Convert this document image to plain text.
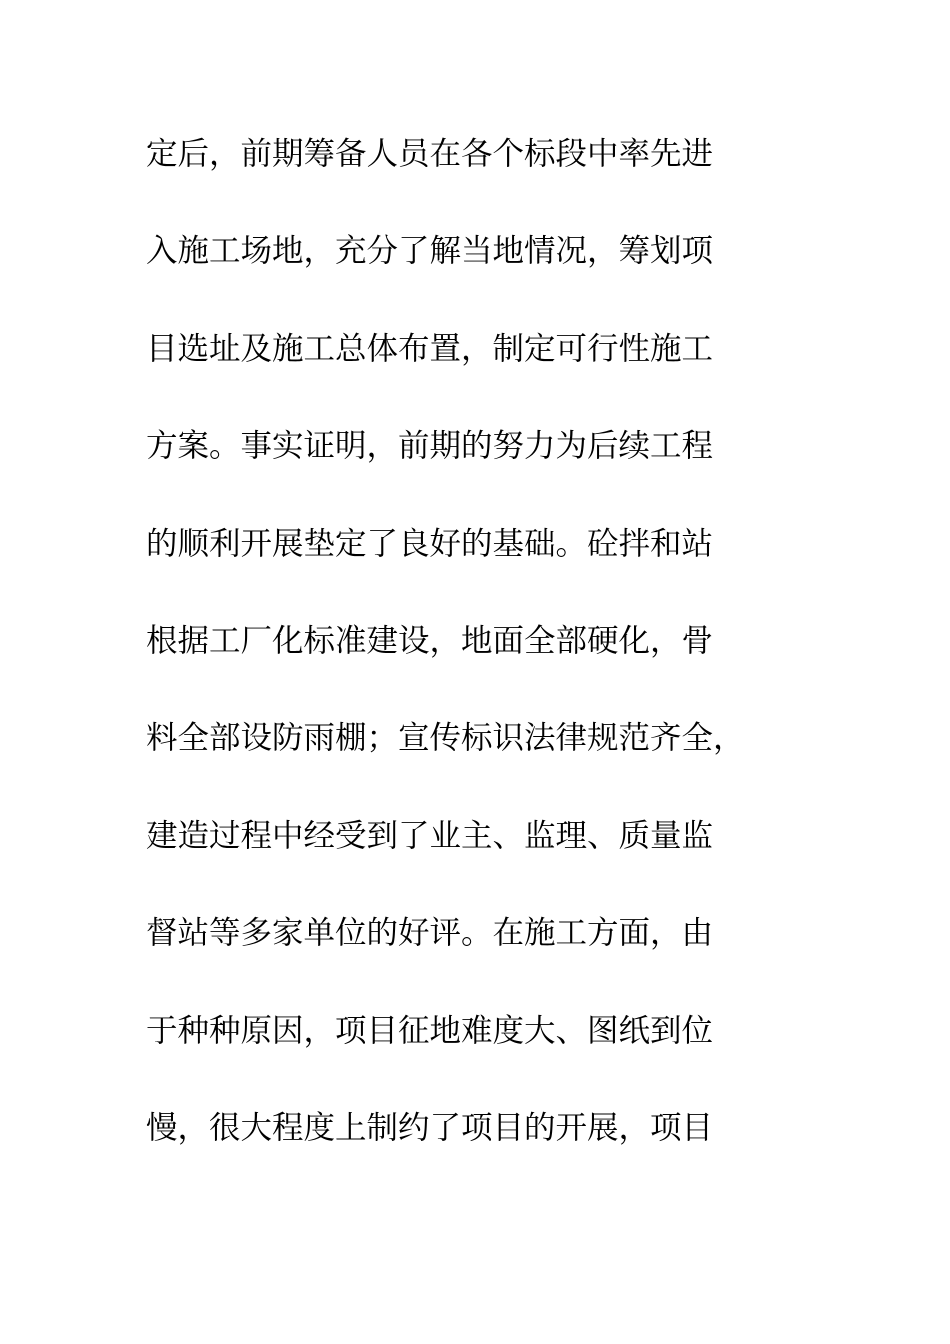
定后，前期筹备人员在各个标段中率先进
入施工场地，充分了解当地情况，筹划项
目选址及施工总体布置，制定可行性施工
方案。事实证明，前期的努力为后续工程
的顺利开展垫定了良好的基础。砼拌和站
根据工厂化标准建设，地面全部硬化，骨
料全部设防雨棚；宣传标识法律规范齐全，
建造过程中经受到了业主、监理、质量监
督站等多家单位的好评。在施工方面，由
于种种原因，项目征地难度大、图纸到位
慢，很大程度上制约了项目的开展，项目
